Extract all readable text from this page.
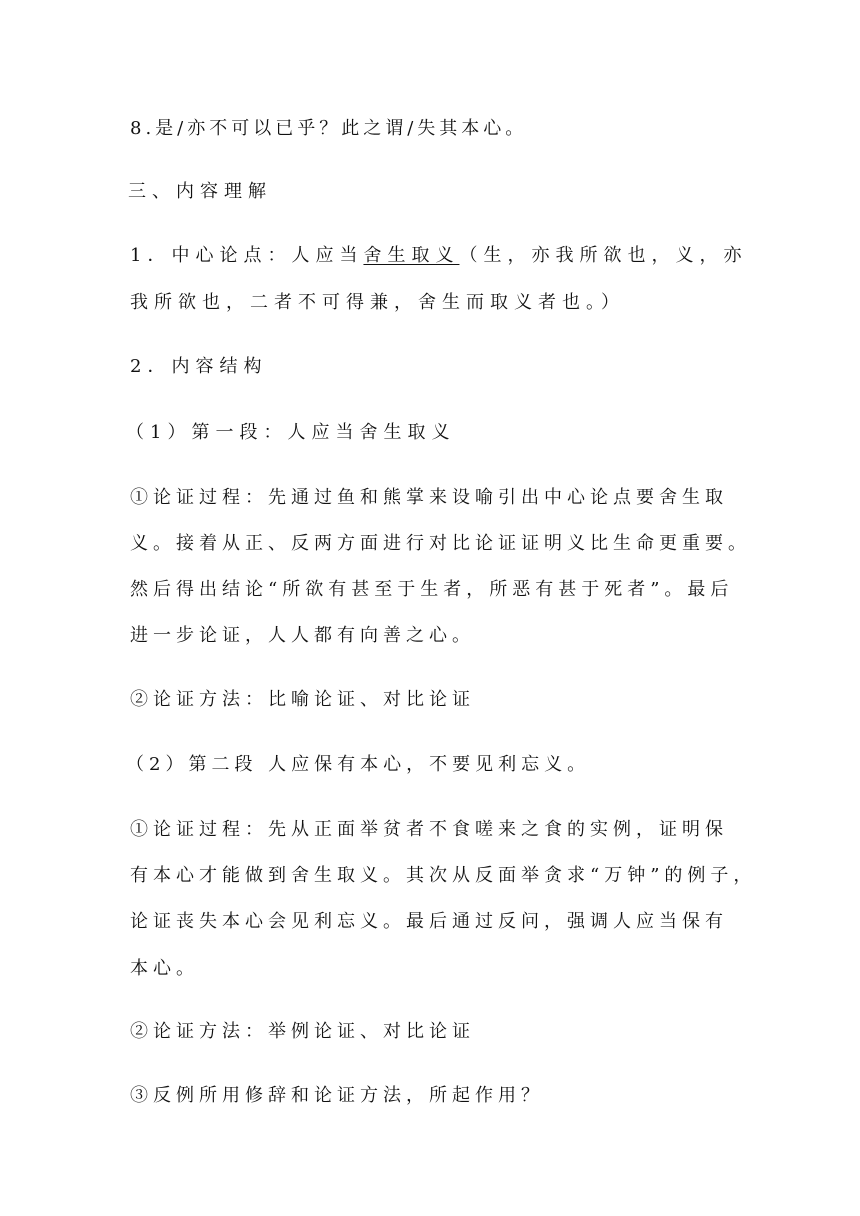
8.是/亦不可以已乎？此之谓/失其本心。
三、内容理解
1．中心论点：人应当舍生取义（生，亦我所欲也，义，亦
我所欲也，二者不可得兼，舍生而取义者也。）
2．内容结构
（1）第一段：人应当舍生取义
①论证过程：先通过鱼和熊掌来设喻引出中心论点要舍生取
义。接着从正、反两方面进行对比论证证明义比生命更重要。
然后得出结论“所欲有甚至于生者，所恶有甚于死者”。最后
进一步论证，人人都有向善之心。
②论证方法：比喻论证、对比论证
（2）第二段 人应保有本心，不要见利忘义。
①论证过程：先从正面举贫者不食嗟来之食的实例，证明保
有本心才能做到舍生取义。其次从反面举贪求“万钟”的例子，
论证丧失本心会见利忘义。最后通过反问，强调人应当保有
本心。
②论证方法：举例论证、对比论证
③反例所用修辞和论证方法，所起作用？
